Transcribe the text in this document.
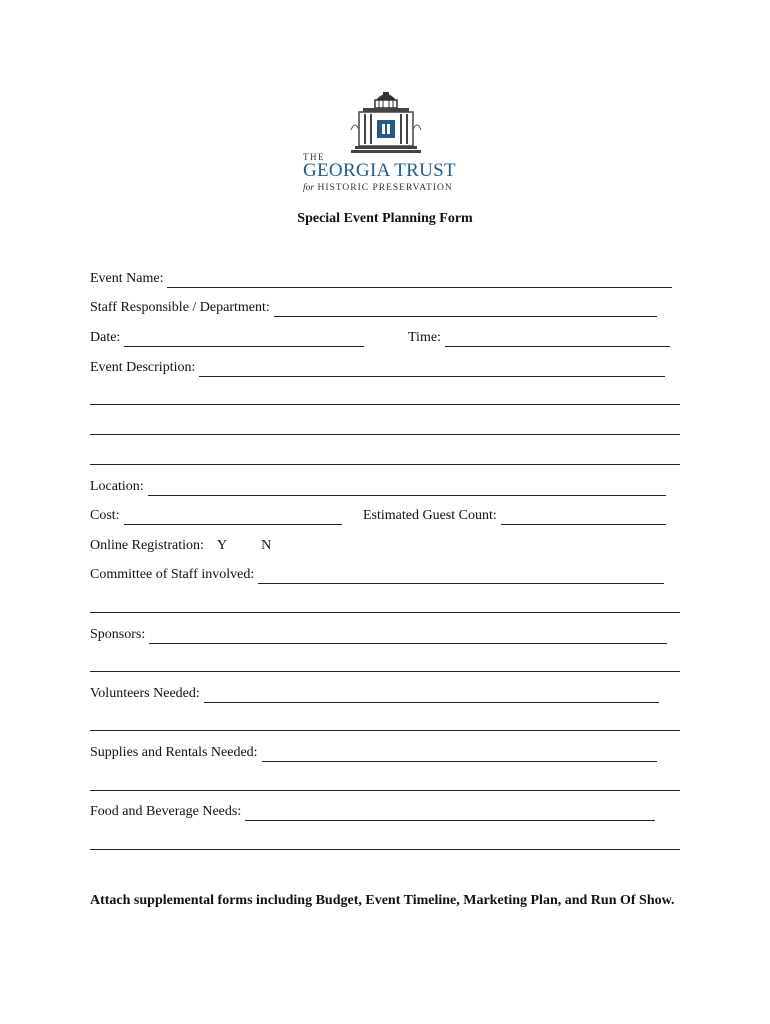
THE
GEORGIA TRUST
for HISTORIC PRESERVATION
Special Event Planning Form
Event Name:
Staff Responsible / Department:
Date:	Time:
Event Description:
Location:
Cost:	Estimated Guest Count:
Online Registration: Y N
Committee of Staff involved:
Sponsors:
Volunteers Needed:
Supplies and Rentals Needed:
Food and Beverage Needs:
Attach supplemental forms including Budget, Event Timeline, Marketing Plan, and Run Of Show.
